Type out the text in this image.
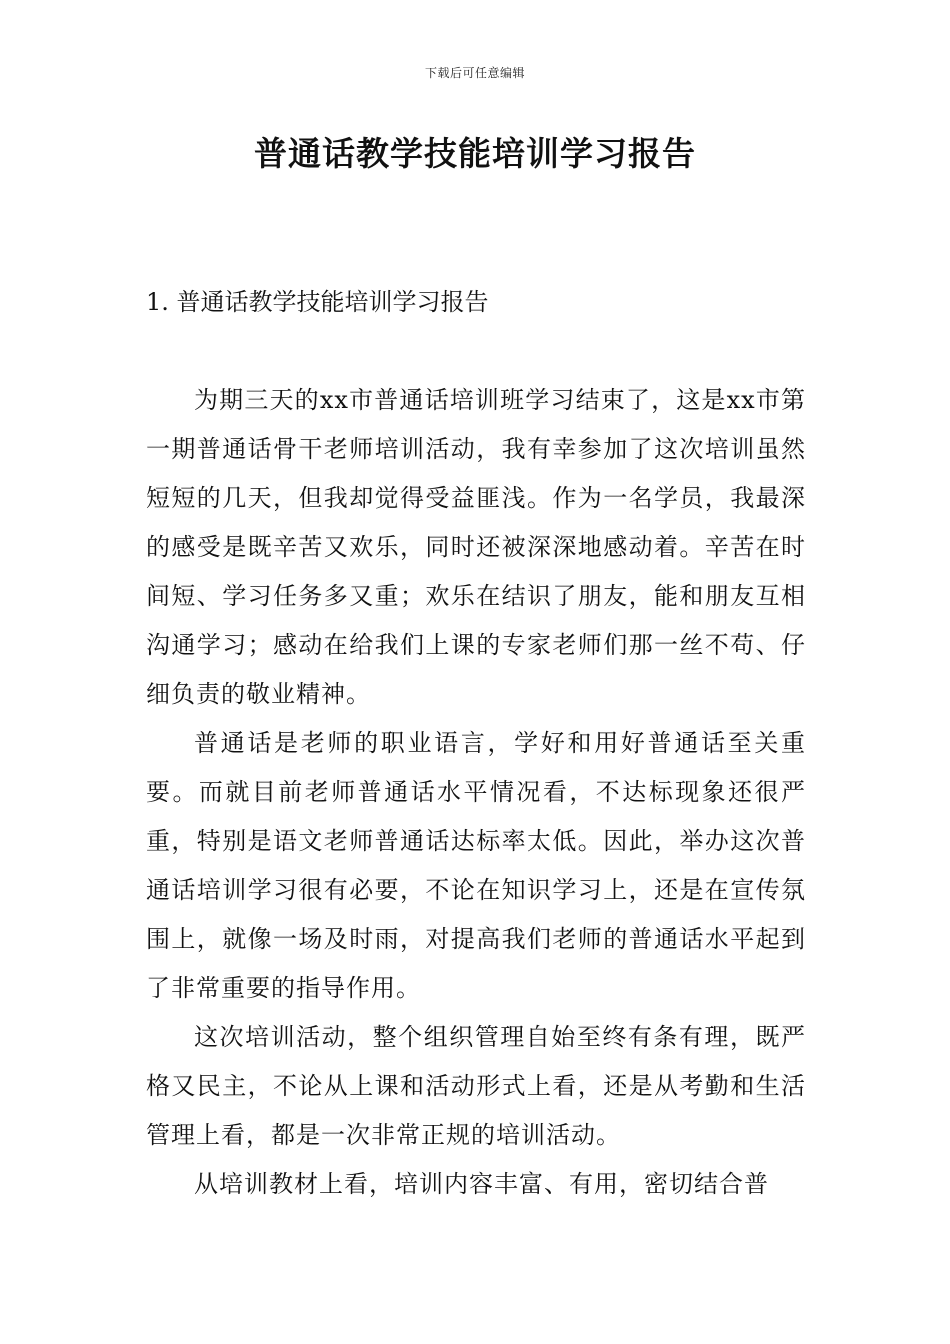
下载后可任意编辑
普通话教学技能培训学习报告
1. 普通话教学技能培训学习报告

为期三天的xx市普通话培训班学习结束了，这是xx市第一期普通话骨干老师培训活动，我有幸参加了这次培训虽然短短的几天，但我却觉得受益匪浅。作为一名学员，我最深的感受是既辛苦又欢乐，同时还被深深地感动着。辛苦在时间短、学习任务多又重；欢乐在结识了朋友，能和朋友互相沟通学习；感动在给我们上课的专家老师们那一丝不苟、仔细负责的敬业精神。

普通话是老师的职业语言，学好和用好普通话至关重要。而就目前老师普通话水平情况看，不达标现象还很严重，特别是语文老师普通话达标率太低。因此，举办这次普通话培训学习很有必要，不论在知识学习上，还是在宣传氛围上，就像一场及时雨，对提高我们老师的普通话水平起到了非常重要的指导作用。

这次培训活动，整个组织管理自始至终有条有理，既严格又民主，不论从上课和活动形式上看，还是从考勤和生活管理上看，都是一次非常正规的培训活动。

从培训教材上看，培训内容丰富、有用，密切结合普
